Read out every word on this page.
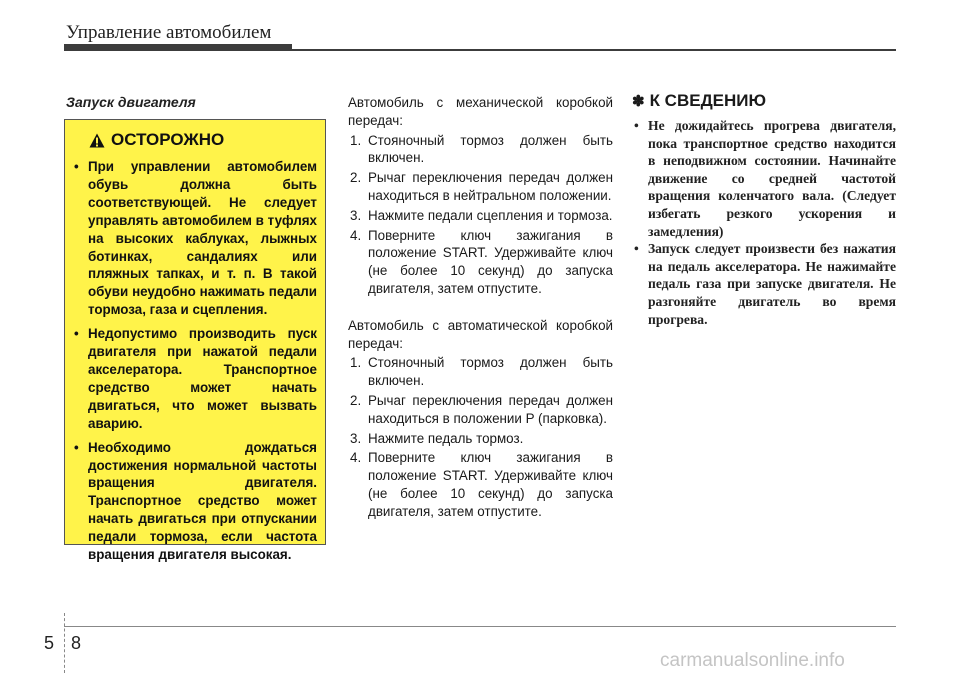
Управление автомобилем
Запуск двигателя
ОСТОРОЖНО
• При управлении автомобилем обувь должна быть соответствующей. Не следует управлять автомобилем в туфлях на высоких каблуках, лыжных ботинках, сандалиях или пляжных тапках, и т. п. В такой обуви неудобно нажимать педали тормоза, газа и сцепления.
• Недопустимо производить пуск двигателя при нажатой педали акселератора. Транспортное средство может начать двигаться, что может вызвать аварию.
• Необходимо дождаться достижения нормальной частоты вращения двигателя. Транспортное средство может начать двигаться при отпускании педали тормоза, если частота вращения двигателя высокая.

Автомобиль с механической коробкой передач:

1. Стояночный тормоз должен быть включен.
2. Рычаг переключения передач должен находиться в нейтральном положении.
3. Нажмите педали сцепления и тормоза.
4. Поверните ключ зажигания в положение START. Удерживайте ключ (не более 10 секунд) до запуска двигателя, затем отпустите.

Автомобиль с автоматической коробкой передач:

1. Стояночный тормоз должен быть включен.
2. Рычаг переключения передач должен находиться в положении P (парковка).
3. Нажмите педаль тормоз.
4. Поверните ключ зажигания в положение START. Удерживайте ключ (не более 10 секунд) до запуска двигателя, затем отпустите.
✽ К СВЕДЕНИЮ
• Не дожидайтесь прогрева двигателя, пока транспортное средство находится в неподвижном состоянии. Начинайте движение со средней частотой вращения коленчатого вала. (Следует избегать резкого ускорения и замедления)
• Запуск следует произвести без нажатия на педаль акселератора. Не нажимайте педаль газа при запуске двигателя. Не разгоняйте двигатель во время прогрева.
5 8
carmanualsonline.info
